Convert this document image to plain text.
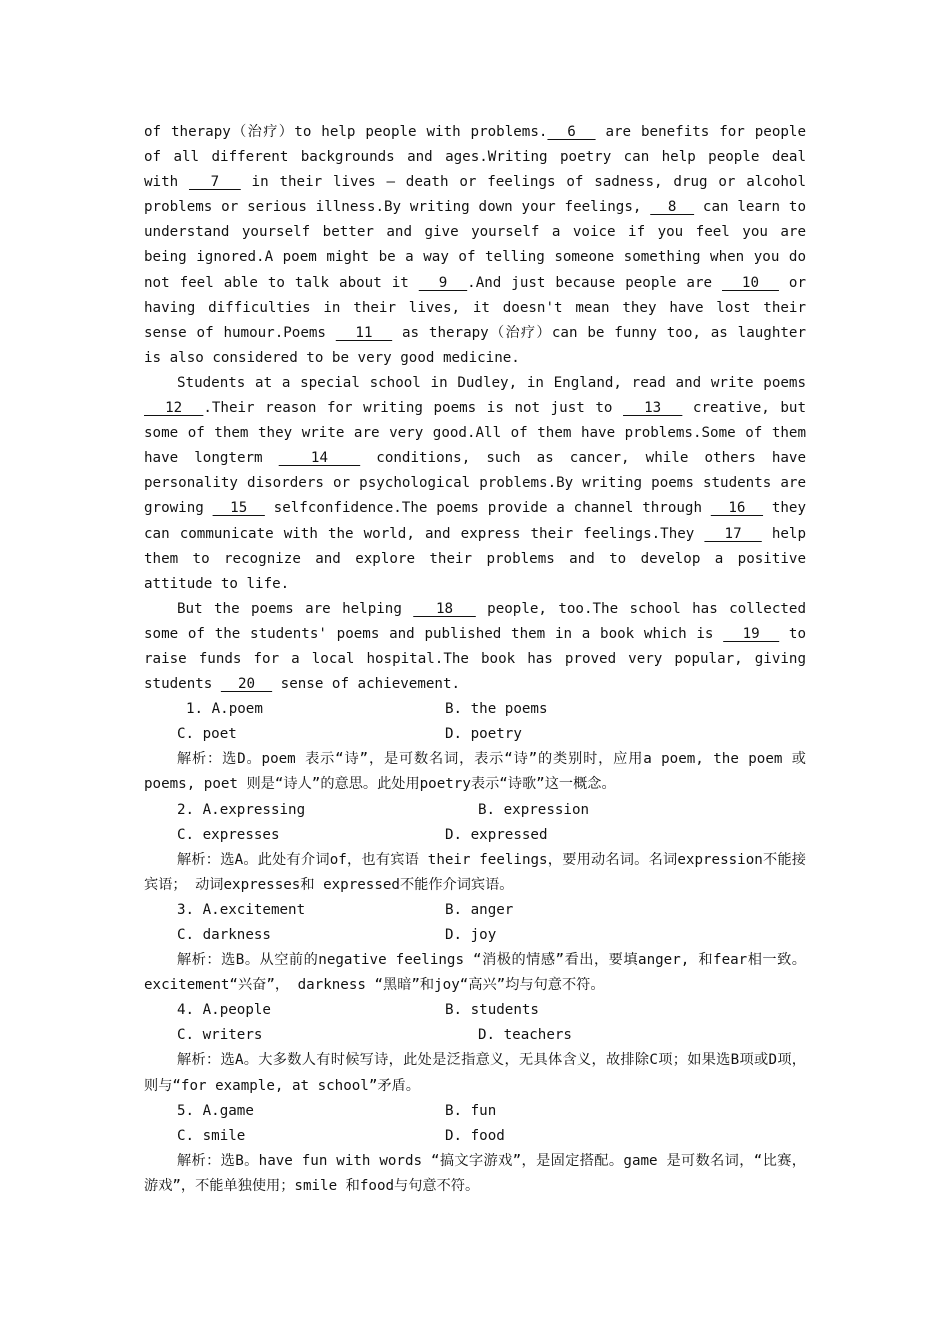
of therapy（治疗）to help people with problems.  6   are benefits for people of all different backgrounds and ages.Writing poetry can help people deal with   7   in their lives — death or feelings of sadness, drug or alcohol problems or serious illness.By writing down your feelings,   8   can learn to understand yourself better and give yourself a voice if you feel you are being ignored.A poem might be a way of telling someone something when you do not feel able to talk about it   9  .And just because people are   10   or having difficulties in their lives, it doesn't mean they have lost their sense of humour.Poems   11   as therapy（治疗）can be funny too, as laughter is also considered to be very good medicine.

Students at a special school in Dudley, in England, read and write poems   12  .Their reason for writing poems is not just to   13   creative, but some of them they write are very good.All of them have problems.Some of them have longterm   14   conditions, such as cancer, while others have personality disorders or psychological problems.By writing poems students are growing   15   selfconfidence.The poems provide a channel through   16   they can communicate with the world, and express their feelings.They   17   help them to recognize and explore their problems and to develop a positive attitude to life.

But the poems are helping   18   people, too.The school has collected some of the students' poems and published them in a book which is   19   to raise funds for a local hospital.The book has proved very popular, giving students   20   sense of achievement.

1. A.poem	B. the poems
C. poet	D. poetry

解析：选D。poem 表示“诗”，是可数名词，表示“诗”的类别时，应用a poem, the poem 或poems, poet 则是“诗人”的意思。此处用poetry表示“诗歌”这一概念。

2. A.expressing	B. expression
C. expresses	D. expressed

解析：选A。此处有介词of，也有宾语 their feelings，要用动名词。名词expression不能接宾语； 动词expresses和 expressed不能作介词宾语。

3. A.excitement	B. anger
C. darkness	D. joy

解析：选B。从空前的negative feelings “消极的情感”看出，要填anger, 和fear相一致。 excitement“兴奋”， darkness “黑暗”和joy“高兴”均与句意不符。

4. A.people	B. students
C. writers	D. teachers

解析：选A。大多数人有时候写诗，此处是泛指意义，无具体含义，故排除C项；如果选B项或D项，则与“for example, at school”矛盾。

5. A.game	B. fun
C. smile	D. food

解析：选B。have fun with words “搞文字游戏”，是固定搭配。game 是可数名词，“比赛，游戏”，不能单独使用；smile 和food与句意不符。
